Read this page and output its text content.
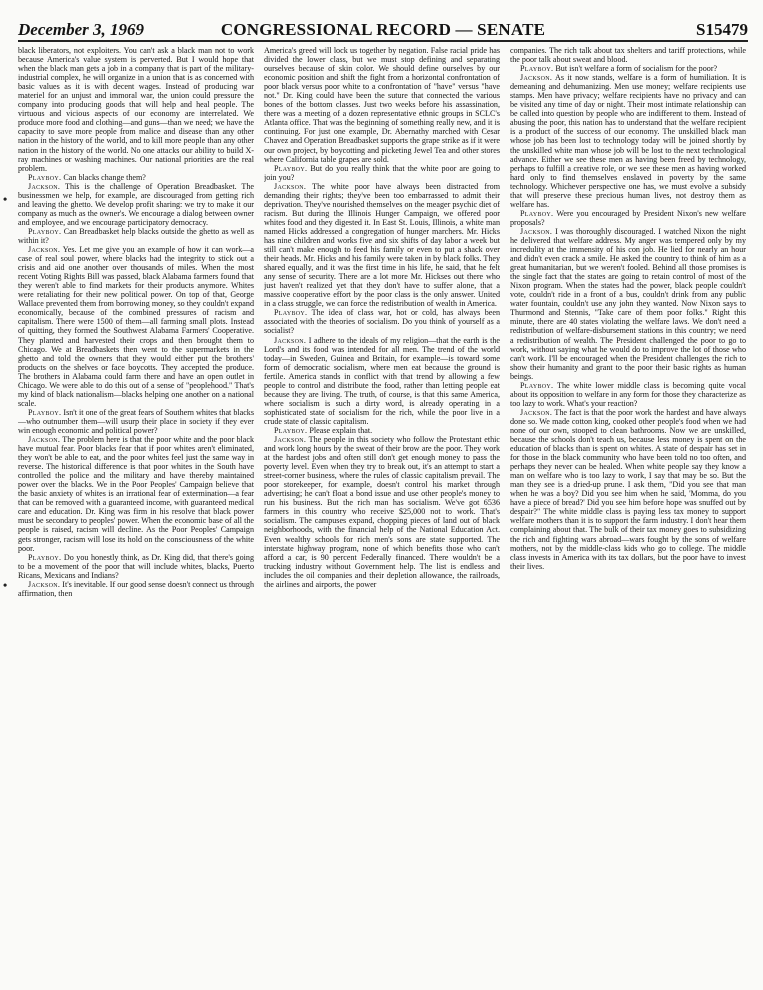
December 3, 1969	CONGRESSIONAL RECORD — SENATE	S15479

black liberators, not exploiters. You can't ask a black man not to work because America's value system is perverted. But I would hope that when the black man gets a job in a company that is part of the military-industrial complex, he will organize in a union that is as concerned with basic values as it is with decent wages. Instead of producing war materiel for an unjust and immoral war, the union could pressure the company into producing goods that will help and heal people. The virtuous and vicious aspects of our economy are interrelated. We produce more food and clothing—and guns—than we need; we have the capacity to save more people from malice and disease than any other nation in the history of the world, and to kill more people than any other nation in the history of the world. No one attacks our ability to build X-ray machines or washing machines. Our national priorities are the real problem.

Playboy. Can blacks change them?

Jackson. This is the challenge of Operation Breadbasket. The businessmen we help, for example, are discouraged from getting rich and leaving the ghetto. We develop profit sharing: we try to make it our company as much as the owner's. We encourage a dialog between owner and employee, and we encourage participatory democracy.

Playboy. Can Breadbasket help blacks outside the ghetto as well as within it?

Jackson. Yes. Let me give you an example of how it can work—a case of real soul power, where blacks had the integrity to stick out a crisis and aid one another over thousands of miles. When the most recent Voting Rights Bill was passed, black Alabama farmers found that they weren't able to find markets for their products anymore. Whites were retaliating for their new political power. On top of that, George Wallace prevented them from borrowing money, so they couldn't expand economically, because of the combined pressures of racism and capitalism. There were 1500 of them—all farming small plots. Instead of quitting, they formed the Southwest Alabama Farmers' Cooperative. They planted and harvested their crops and then brought them to Chicago. We at Breadbaskets then went to the supermarkets in the ghetto and told the owners that they would either put the brothers' products on the shelves or face boycotts. They accepted the produce. The brothers in Alabama could farm there and have an open outlet in Chicago. We were able to do this out of a sense of "peoplehood." That's my kind of black nationalism—blacks helping one another on a national scale.

Playboy. Isn't it one of the great fears of Southern whites that blacks—who outnumber them—will usurp their place in society if they ever win enough economic and political power?

Jackson. The problem here is that the poor white and the poor black have mutual fear. Poor blacks fear that if poor whites aren't eliminated, they won't be able to eat, and the poor whites feel just the same way in reverse. The historical difference is that poor whites in the South have controlled the police and the military and have thereby maintained power over the blacks. We in the Poor Peoples' Campaign believe that the basic anxiety of whites is an irrational fear of extermination—a fear that can be removed with a guaranteed income, with guaranteed medical care and education. Dr. King was firm in his resolve that black power must be secondary to peoples' power. When the economic base of all the people is raised, racism will decline. As the Poor Peoples' Campaign gets stronger, racism will lose its hold on the consciousness of the white poor.

Playboy. Do you honestly think, as Dr. King did, that there's going to be a movement of the poor that will include whites, blacks, Puerto Ricans, Mexicans and Indians?

Jackson. It's inevitable. If our good sense doesn't connect us through affirmation, then

America's greed will lock us together by negation. False racial pride has divided the lower class, but we must stop defining and separating ourselves because of skin color. We should define ourselves by our economic position and shift the fight from a horizontal confrontation of poor black versus poor white to a confrontation of "have" versus "have not." Dr. King could have been the suture that connected the various bones of the bottom classes. Just two weeks before his assassination, there was a meeting of a dozen representative ethnic groups in SCLC's Atlanta office. That was the beginning of something really new, and it is continuing. For just one example, Dr. Abernathy marched with Cesar Chavez and Operation Breadbasket supports the grape strike as if it were our own project, by boycotting and picketing Jewel Tea and other stores where California table grapes are sold.

Playboy. But do you really think that the white poor are going to join you?

Jackson. The white poor have always been distracted from demanding their rights; they've been too embarrassed to admit their deprivation. They've nourished themselves on the meager psychic diet of racism. But during the Illinois Hunger Campaign, we offered poor whites food and they digested it. In East St. Louis, Illinois, a white man named Hicks addressed a congregation of hunger marchers. Mr. Hicks has nine children and works five and six shifts of day labor a week but still can't make enough to feed his family or even to put a shack over their heads. Mr. Hicks and his family were taken in by black folks. They shared equally, and it was the first time in his life, he said, that he felt any sense of security. There are a lot more Mr. Hickses out there who just haven't realized yet that they don't have to suffer alone, that a massive cooperative effort by the poor class is the only answer. United in a class struggle, we can force the redistribution of wealth in America.

Playboy. The idea of class war, hot or cold, has always been associated with the theories of socialism. Do you think of yourself as a socialist?

Jackson. I adhere to the ideals of my religion—that the earth is the Lord's and its food was intended for all men. The trend of the world today—in Sweden, Guinea and Britain, for example—is toward some form of democratic socialism, where men eat because the ground is fertile. America stands in conflict with that trend by allowing a few people to control and distribute the food, rather than letting people eat because they are living. The truth, of course, is that this same America, where socialism is such a dirty word, is already operating in a sophisticated state of socialism for the rich, while the poor live in a crude state of classic capitalism.

Playboy. Please explain that.

Jackson. The people in this society who follow the Protestant ethic and work long hours by the sweat of their brow are the poor. They work at the hardest jobs and often still don't get enough money to pass the poverty level. Even when they try to break out, it's an attempt to start a street-corner business, where the rules of classic capitalism prevail. The poor storekeeper, for example, doesn't control his market through advertising; he can't float a bond issue and use other people's money to run his business. But the rich man has socialism. We've got 6536 farmers in this country who receive $25,000 not to work. That's socialism. The campuses expand, chopping pieces of land out of black neighborhoods, with the financial help of the National Education Act. Even wealthy schools for rich men's sons are state supported. The interstate highway program, none of which benefits those who can't afford a car, is 90 percent Federally financed. There wouldn't be a trucking industry without Government help. The list is endless and includes the oil companies and their depletion allowance, the railroads, the airlines and airports, the power

companies. The rich talk about tax shelters and tariff protections, while the poor talk about sweat and blood.

Playboy. But isn't welfare a form of socialism for the poor?

Jackson. As it now stands, welfare is a form of humiliation. It is demeaning and dehumanizing. Men use money; welfare recipients use stamps. Men have privacy; welfare recipients have no privacy and can be visited any time of day or night. Their most intimate relationship can be called into question by people who are indifferent to them. Instead of abusing the poor, this nation has to understand that the welfare recipient is a product of the success of our economy. The unskilled black man whose job has been lost to technology today will be joined shortly by the unskilled white man whose job will be lost to the next technological advance. Either we see these men as having been freed by technology, perhaps to fulfill a creative role, or we see these men as having worked hard only to find themselves enslaved in poverty by the same technology. Whichever perspective one has, we must evolve a subsidy that will preserve these precious human lives, not destroy them as welfare has.

Playboy. Were you encouraged by President Nixon's new welfare proposals?

Jackson. I was thoroughly discouraged. I watched Nixon the night he delivered that welfare address. My anger was tempered only by my incredulity at the immensity of his con job. He lied for nearly an hour and didn't even crack a smile. He asked the country to think of him as a great humanitarian, but we weren't fooled. Behind all those promises is the single fact that the states are going to retain control of most of the Nixon program. When the states had the power, black people couldn't vote, couldn't ride in a front of a bus, couldn't drink from any public water fountain, couldn't use any john they wanted. Now Nixon says to Thurmond and Stennis, "Take care of them poor folks." Right this minute, there are 40 states violating the welfare laws. We don't need a redistribution of welfare-disbursement stations in this country; we need a redistribution of wealth. The President challenged the poor to go to work, without saying what he would do to improve the lot of those who can't work. I'll be encouraged when the President challenges the rich to show their humanity and grant to the poor their basic rights as human beings.

Playboy. The white lower middle class is becoming quite vocal about its opposition to welfare in any form for those they characterize as too lazy to work. What's your reaction?

Jackson. The fact is that the poor work the hardest and have always done so. We made cotton king, cooked other people's food when we had none of our own, stooped to clean bathrooms. Now we are unskilled, because the schools don't teach us, because less money is spent on the education of blacks than is spent on whites. A state of despair has set in for those in the black community who have been told no too often, and perhaps they never can be healed. When white people say they know a man on welfare who is too lazy to work, I say that may be so. But the man they see is a dried-up prune. I ask them, "Did you see that man when he was a boy? Did you see him when he said, 'Momma, do you have a piece of bread?' Did you see him before hope was snuffed out by despair?" The white middle class is paying less tax money to support welfare mothers than it is to support the farm industry. I don't hear them complaining about that. The bulk of their tax money goes to subsidizing the rich and fighting wars abroad—wars fought by the sons of welfare mothers, not by the middle-class kids who go to college. The middle class invests in America with its tax dollars, but the poor have to invest their lives.

•
•
